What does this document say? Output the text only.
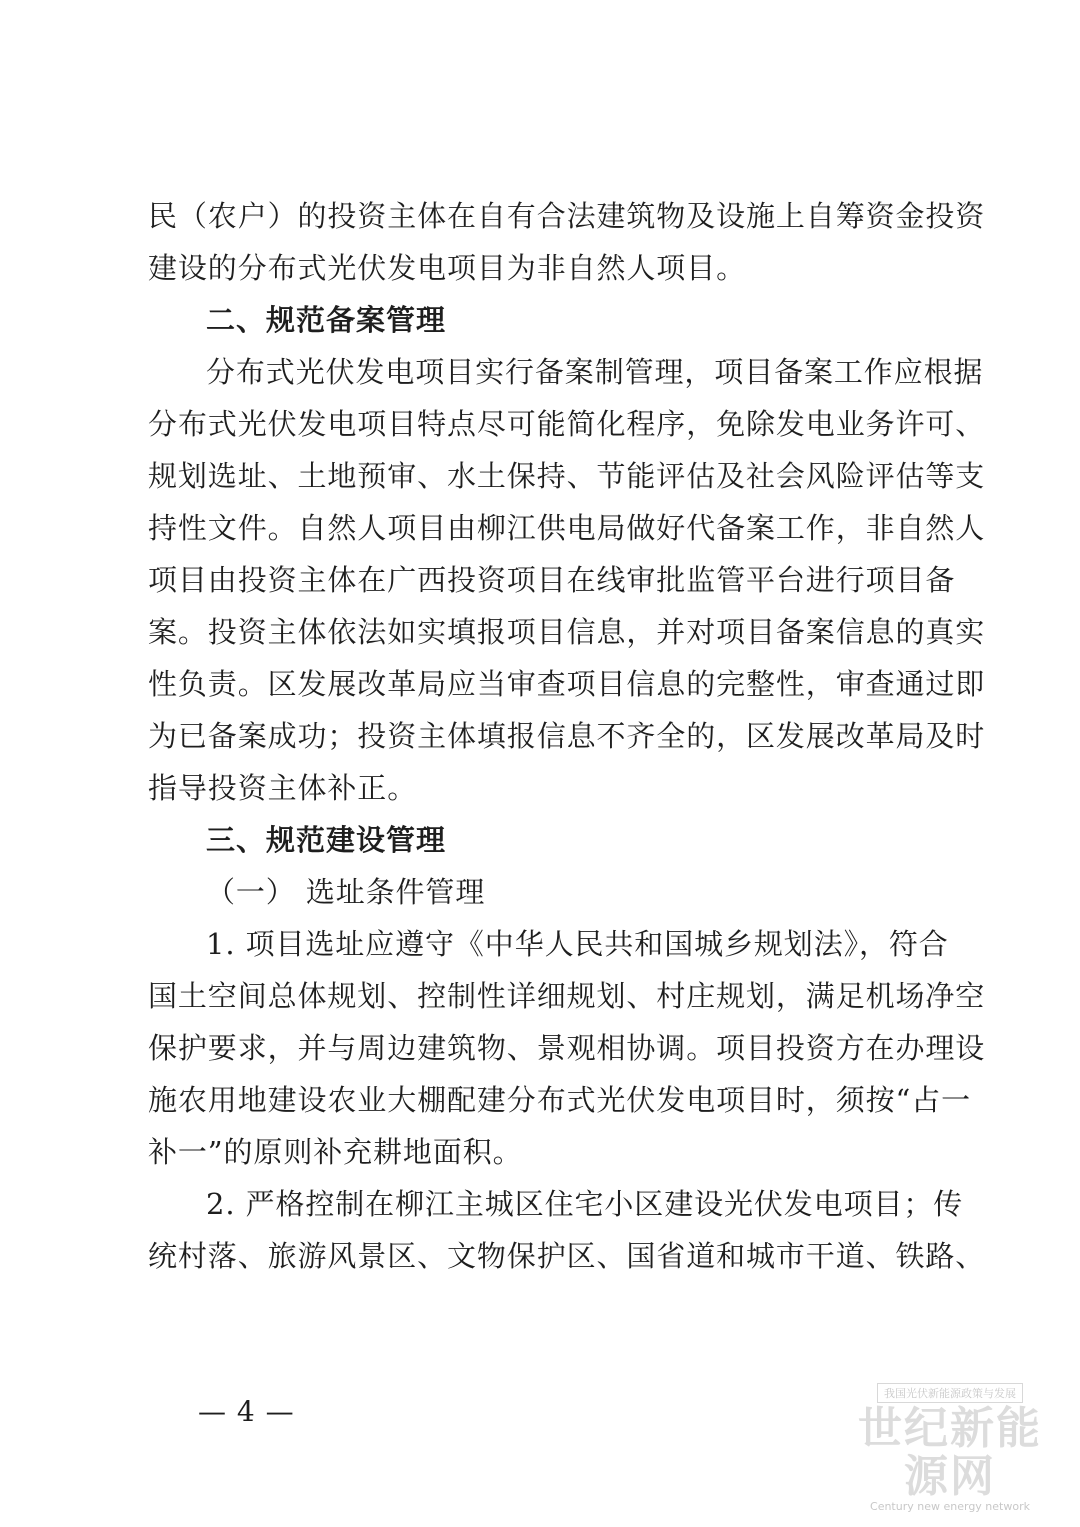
民（农户）的投资主体在自有合法建筑物及设施上自筹资金投资
建设的分布式光伏发电项目为非自然人项目。
二、规范备案管理
分布式光伏发电项目实行备案制管理，项目备案工作应根据
分布式光伏发电项目特点尽可能简化程序，免除发电业务许可、
规划选址、土地预审、水土保持、节能评估及社会风险评估等支
持性文件。自然人项目由柳江供电局做好代备案工作，非自然人
项目由投资主体在广西投资项目在线审批监管平台进行项目备
案。投资主体依法如实填报项目信息，并对项目备案信息的真实
性负责。区发展改革局应当审查项目信息的完整性，审查通过即
为已备案成功；投资主体填报信息不齐全的，区发展改革局及时
指导投资主体补正。
三、规范建设管理
（一） 选址条件管理
1. 项目选址应遵守《中华人民共和国城乡规划法》，符合
国土空间总体规划、控制性详细规划、村庄规划，满足机场净空
保护要求，并与周边建筑物、景观相协调。项目投资方在办理设
施农用地建设农业大棚配建分布式光伏发电项目时，须按“占一
补一”的原则补充耕地面积。
2. 严格控制在柳江主城区住宅小区建设光伏发电项目；传
统村落、旅游风景区、文物保护区、国省道和城市干道、铁路、
— 4 —
我国光伏新能源政策与发展
世纪新能源网
Century new energy network
